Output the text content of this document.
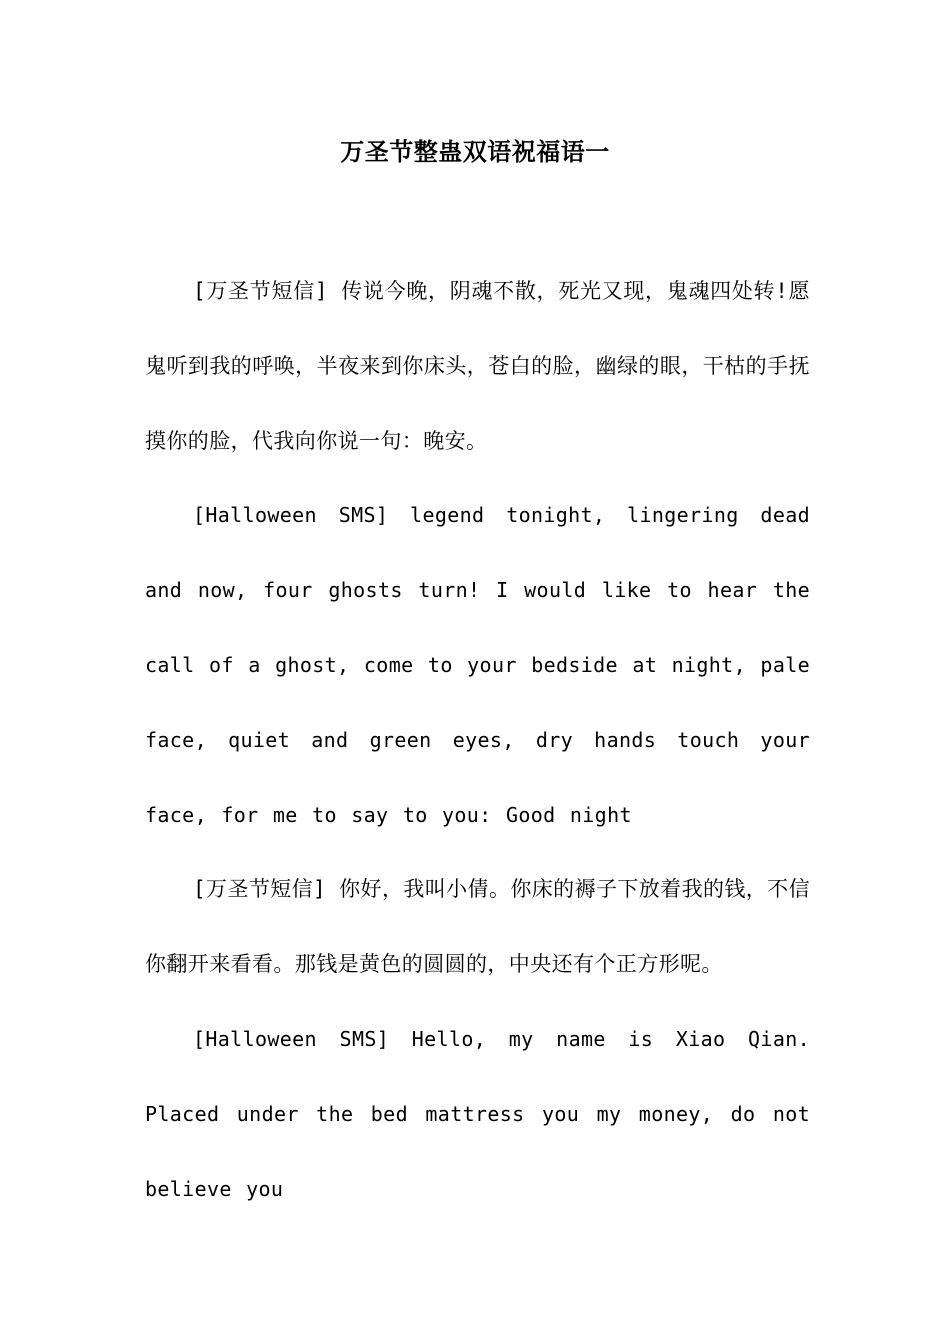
万圣节整蛊双语祝福语一

[万圣节短信] 传说今晚，阴魂不散，死光又现，鬼魂四处转!愿鬼听到我的呼唤，半夜来到你床头，苍白的脸，幽绿的眼，干枯的手抚摸你的脸，代我向你说一句：晚安。

[Halloween SMS] legend tonight, lingering dead and now, four ghosts turn! I would like to hear the call of a ghost, come to your bedside at night, pale face, quiet and green eyes, dry hands touch your face, for me to say to you: Good night

[万圣节短信] 你好，我叫小倩。你床的褥子下放着我的钱，不信你翻开来看看。那钱是黄色的圆圆的，中央还有个正方形呢。

[Halloween SMS] Hello, my name is Xiao Qian. Placed under the bed mattress you my money, do not believe you
